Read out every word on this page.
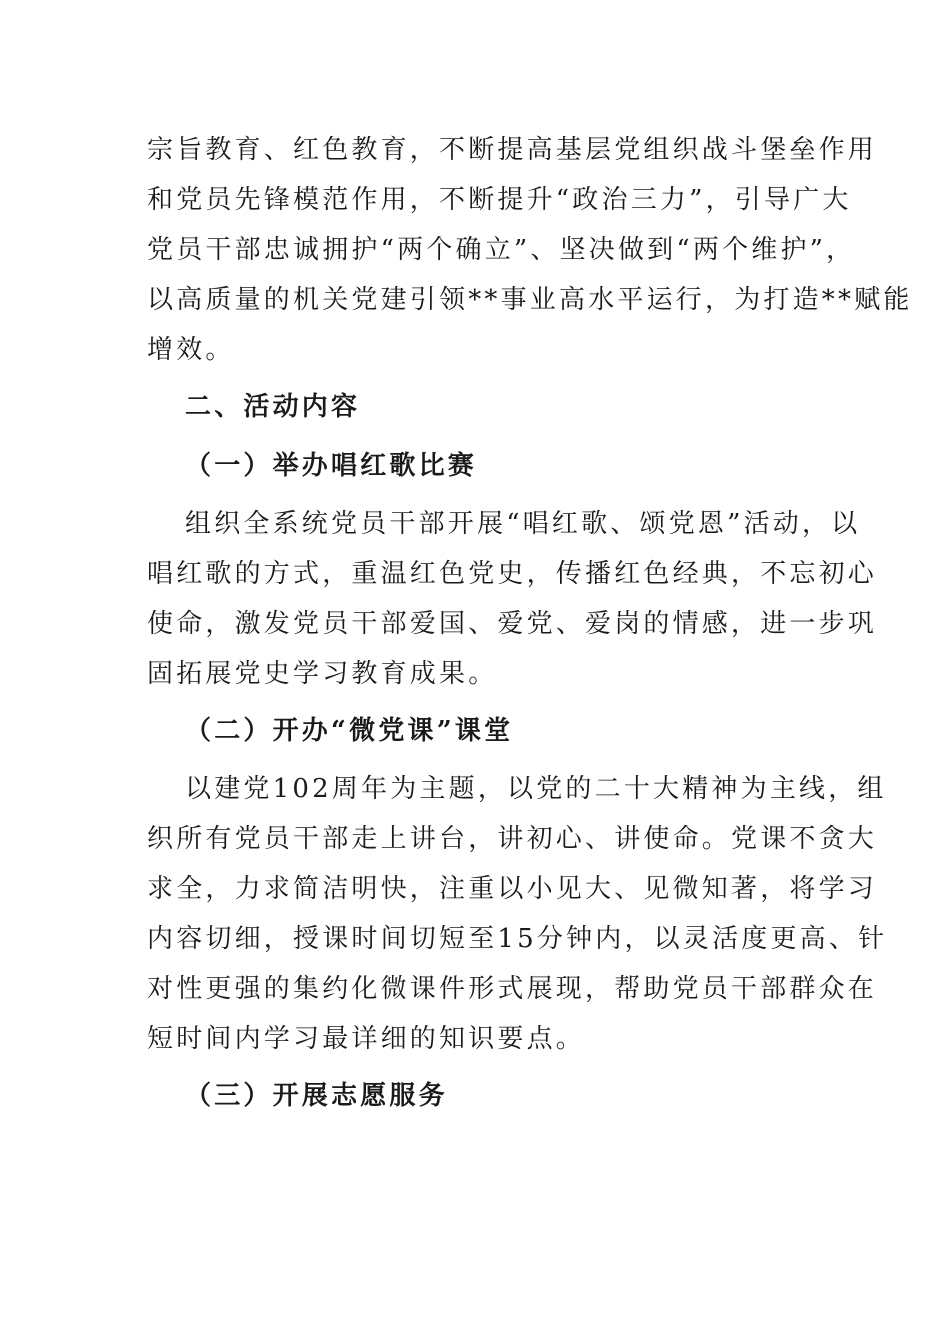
宗旨教育、红色教育，不断提高基层党组织战斗堡垒作用
和党员先锋模范作用，不断提升“政治三力”，引导广大
党员干部忠诚拥护“两个确立”、坚决做到“两个维护”，
以高质量的机关党建引领**事业高水平运行，为打造**赋能
增效。
二、活动内容
（一）举办唱红歌比赛
组织全系统党员干部开展“唱红歌、颂党恩”活动，以
唱红歌的方式，重温红色党史，传播红色经典，不忘初心
使命，激发党员干部爱国、爱党、爱岗的情感，进一步巩
固拓展党史学习教育成果。
（二）开办“微党课”课堂
以建党102周年为主题，以党的二十大精神为主线，组
织所有党员干部走上讲台，讲初心、讲使命。党课不贪大
求全，力求简洁明快，注重以小见大、见微知著，将学习
内容切细，授课时间切短至15分钟内，以灵活度更高、针
对性更强的集约化微课件形式展现，帮助党员干部群众在
短时间内学习最详细的知识要点。
（三）开展志愿服务
